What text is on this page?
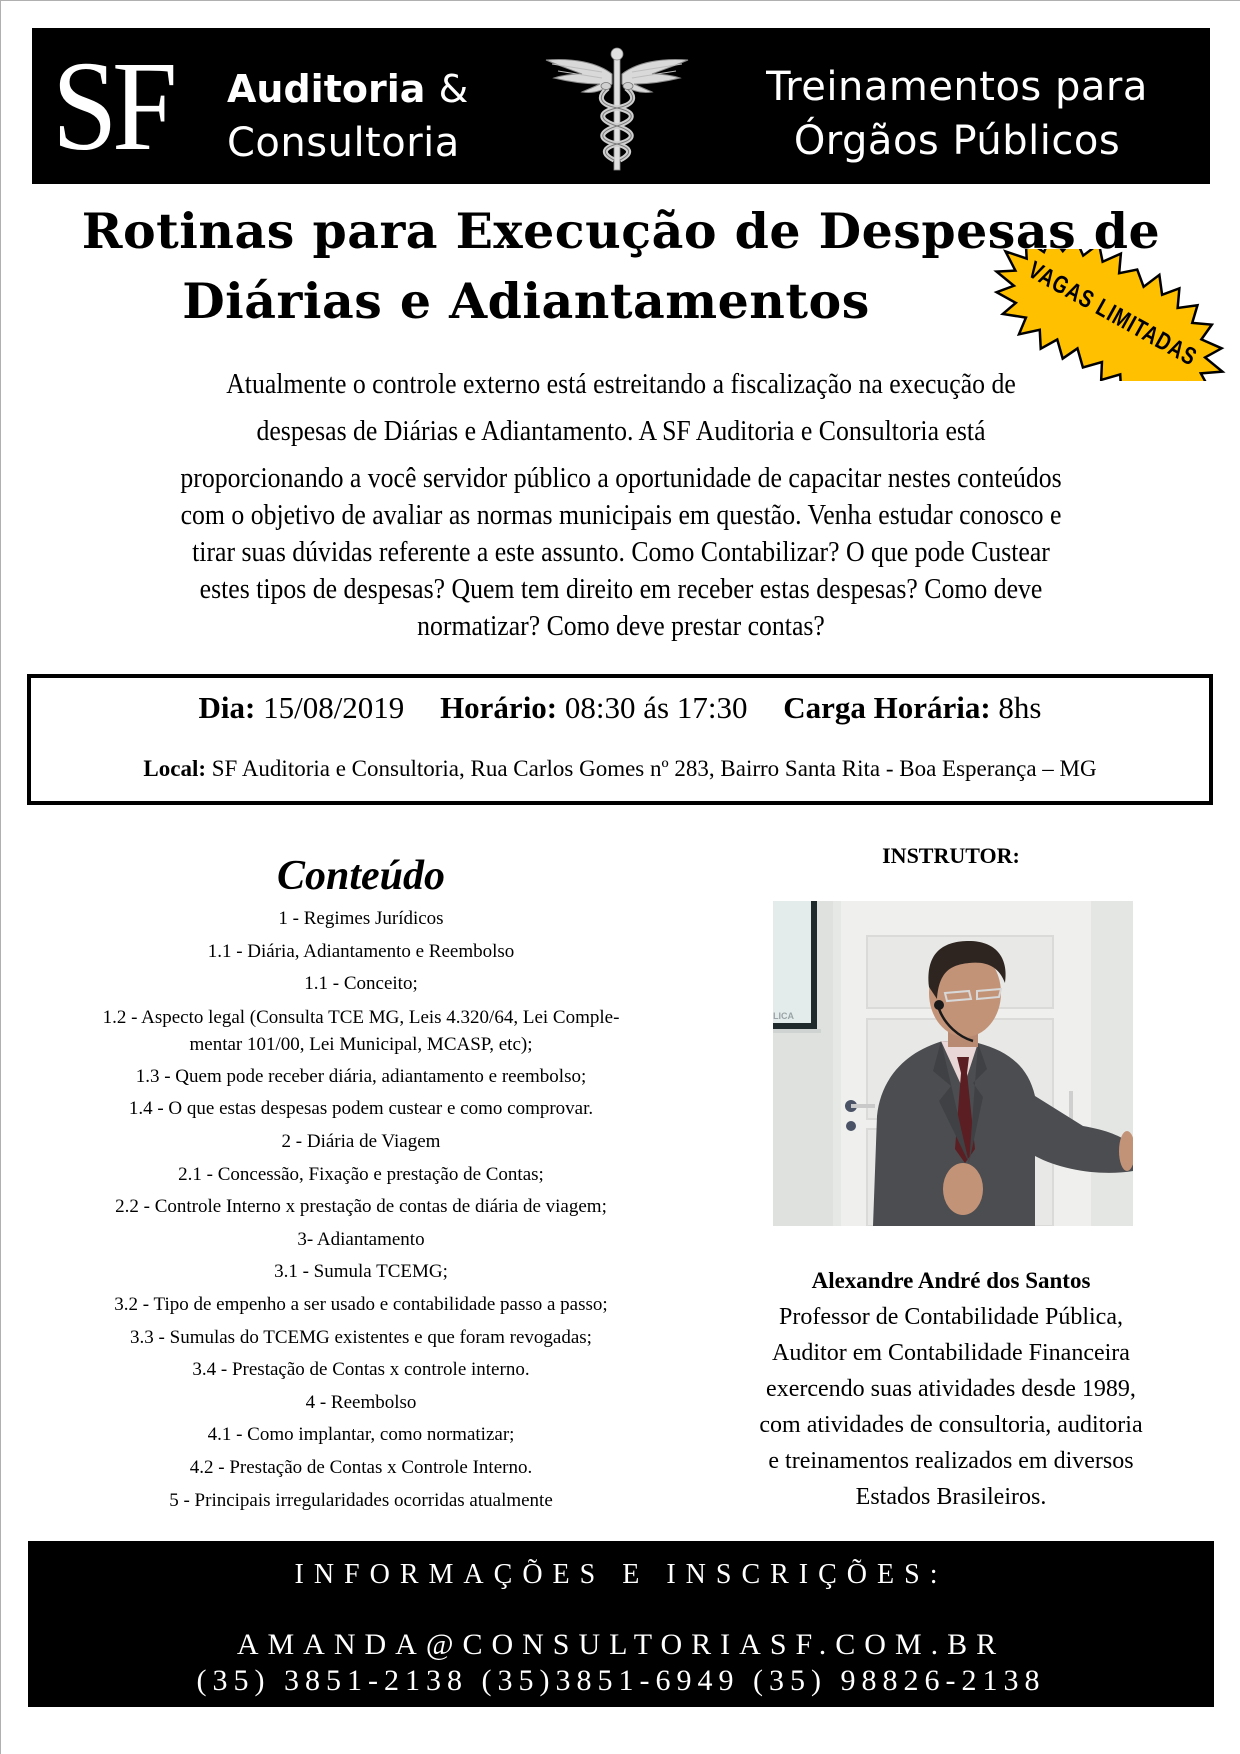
SF Auditoria &
Consultoria
Treinamentos para
Órgãos Públicos
Rotinas para Execução de Despesas de
Diárias e Adiantamentos	VAGAS LIMITADAS
Atualmente o controle externo está estreitando a fiscalização na execução de
despesas de Diárias e Adiantamento. A SF Auditoria e Consultoria está
proporcionando a você servidor público a oportunidade de capacitar nestes conteúdos
com o objetivo de avaliar as normas municipais em questão. Venha estudar conosco e
tirar suas dúvidas referente a este assunto. Como Contabilizar? O que pode Custear
estes tipos de despesas? Quem tem direito em receber estas despesas? Como deve
normatizar? Como deve prestar contas?
Dia: 15/08/2019 Horário: 08:30 ás 17:30 Carga Horária: 8hs
Local: SF Auditoria e Consultoria, Rua Carlos Gomes nº 283, Bairro Santa Rita - Boa Esperança – MG
Conteúdo
1 - Regimes Jurídicos
1.1 - Diária, Adiantamento e Reembolso
1.1 - Conceito;
1.2 - Aspecto legal (Consulta TCE MG, Leis 4.320/64, Lei Comple-
mentar 101/00, Lei Municipal, MCASP, etc);
1.3 - Quem pode receber diária, adiantamento e reembolso;
1.4 - O que estas despesas podem custear e como comprovar.
2 - Diária de Viagem
2.1 - Concessão, Fixação e prestação de Contas;
2.2 - Controle Interno x prestação de contas de diária de viagem;
3- Adiantamento
3.1 - Sumula TCEMG;
3.2 - Tipo de empenho a ser usado e contabilidade passo a passo;
3.3 - Sumulas do TCEMG existentes e que foram revogadas;
3.4 - Prestação de Contas x controle interno.
4 - Reembolso
4.1 - Como implantar, como normatizar;
4.2 - Prestação de Contas x Controle Interno.
5 - Principais irregularidades ocorridas atualmente
INSTRUTOR:
LICA
Alexandre André dos Santos
Professor de Contabilidade Pública,
Auditor em Contabilidade Financeira
exercendo suas atividades desde 1989,
com atividades de consultoria, auditoria
e treinamentos realizados em diversos
Estados Brasileiros.
INFORMAÇÕES E INSCRIÇÕES:
AMANDA@CONSULTORIASF.COM.BR
(35) 3851-2138 (35)3851-6949 (35) 98826-2138
